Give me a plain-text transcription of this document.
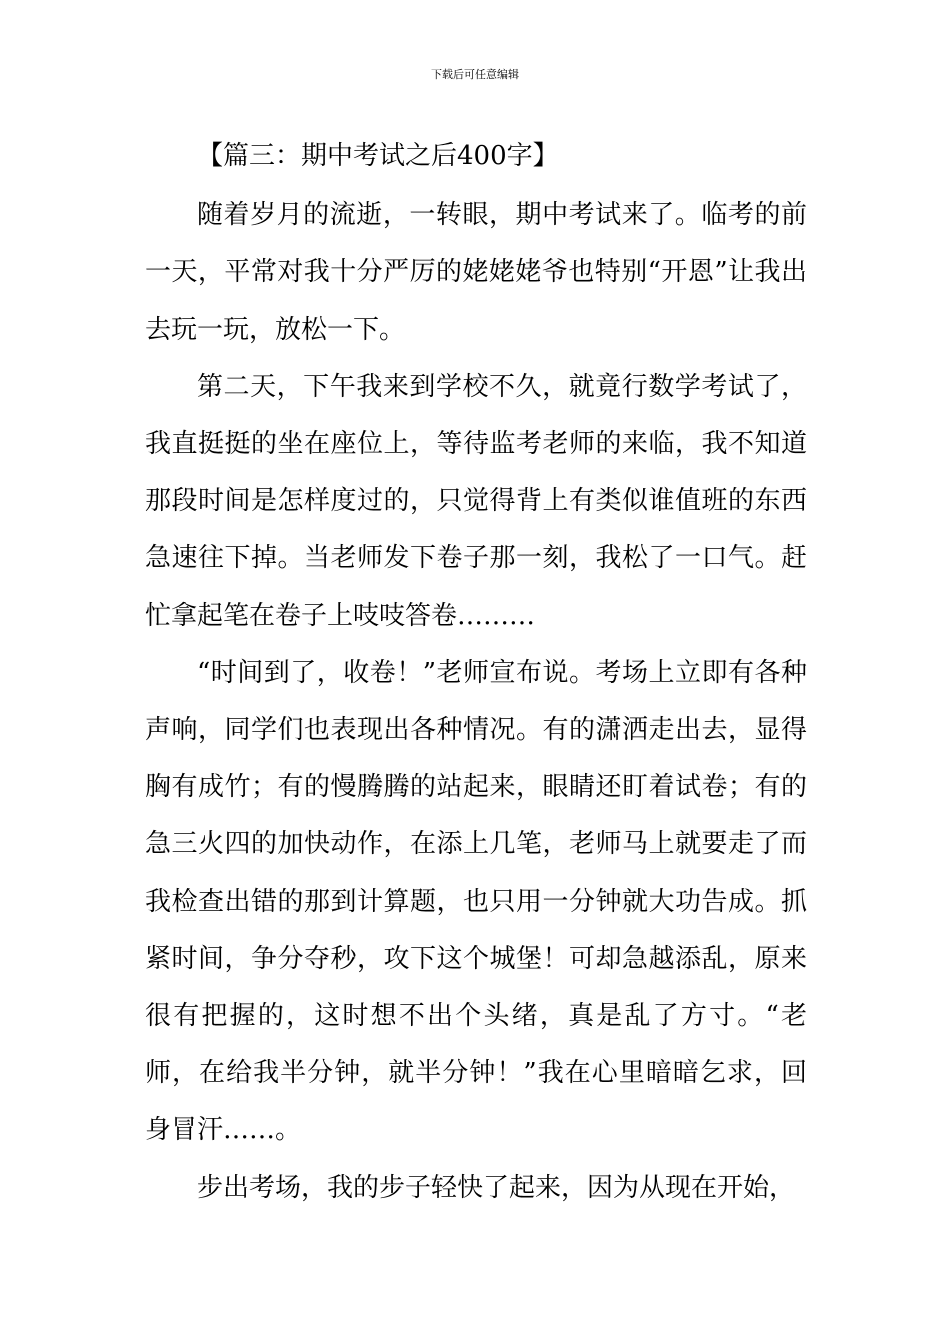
下载后可任意编辑

【篇三：期中考试之后400字】

随着岁月的流逝，一转眼，期中考试来了。临考的前一天，平常对我十分严厉的姥姥姥爷也特别“开恩”让我出去玩一玩，放松一下。

第二天，下午我来到学校不久，就竟行数学考试了，我直挺挺的坐在座位上，等待监考老师的来临，我不知道那段时间是怎样度过的，只觉得背上有类似谁值班的东西急速往下掉。当老师发下卷子那一刻，我松了一口气。赶忙拿起笔在卷子上吱吱答卷………

“时间到了，收卷！”老师宣布说。考场上立即有各种声响，同学们也表现出各种情况。有的潇洒走出去，显得胸有成竹；有的慢腾腾的站起来，眼睛还盯着试卷；有的急三火四的加快动作，在添上几笔，老师马上就要走了而我检查出错的那到计算题，也只用一分钟就大功告成。抓紧时间，争分夺秒，攻下这个城堡！可却急越添乱，原来很有把握的，这时想不出个头绪，真是乱了方寸。“老师，在给我半分钟，就半分钟！”我在心里暗暗乞求，回身冒汗……。

步出考场，我的步子轻快了起来，因为从现在开始，
